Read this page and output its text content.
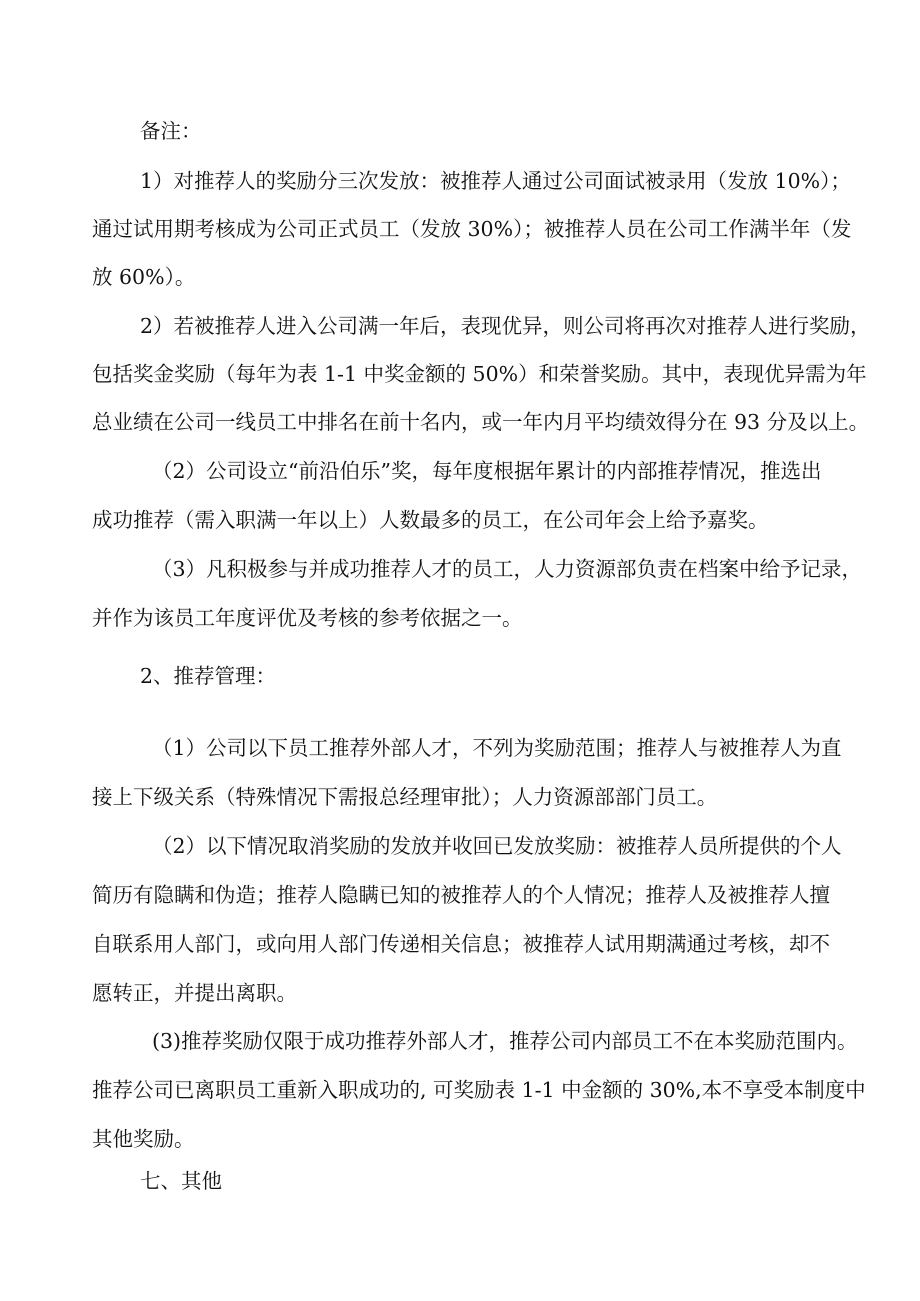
备注：
1）对推荐人的奖励分三次发放：被推荐人通过公司面试被录用（发放 10%）；
通过试用期考核成为公司正式员工（发放 30%）；被推荐人员在公司工作满半年（发
放 60%）。
2）若被推荐人进入公司满一年后，表现优异，则公司将再次对推荐人进行奖励，
包括奖金奖励（每年为表 1-1 中奖金额的 50%）和荣誉奖励。其中，表现优异需为年
总业绩在公司一线员工中排名在前十名内，或一年内月平均绩效得分在 93 分及以上。
（2）公司设立“前沿伯乐”奖，每年度根据年累计的内部推荐情况，推选出
成功推荐（需入职满一年以上）人数最多的员工，在公司年会上给予嘉奖。
（3）凡积极参与并成功推荐人才的员工，人力资源部负责在档案中给予记录，
并作为该员工年度评优及考核的参考依据之一。
2、推荐管理：
（1）公司以下员工推荐外部人才，不列为奖励范围；推荐人与被推荐人为直
接上下级关系（特殊情况下需报总经理审批）；人力资源部部门员工。
（2）以下情况取消奖励的发放并收回已发放奖励：被推荐人员所提供的个人
简历有隐瞒和伪造；推荐人隐瞒已知的被推荐人的个人情况；推荐人及被推荐人擅
自联系用人部门，或向用人部门传递相关信息；被推荐人试用期满通过考核，却不
愿转正，并提出离职。
(3)推荐奖励仅限于成功推荐外部人才，推荐公司内部员工不在本奖励范围内。
推荐公司已离职员工重新入职成功的, 可奖励表 1-1 中金额的 30%,本不享受本制度中
其他奖励。
七、其他
